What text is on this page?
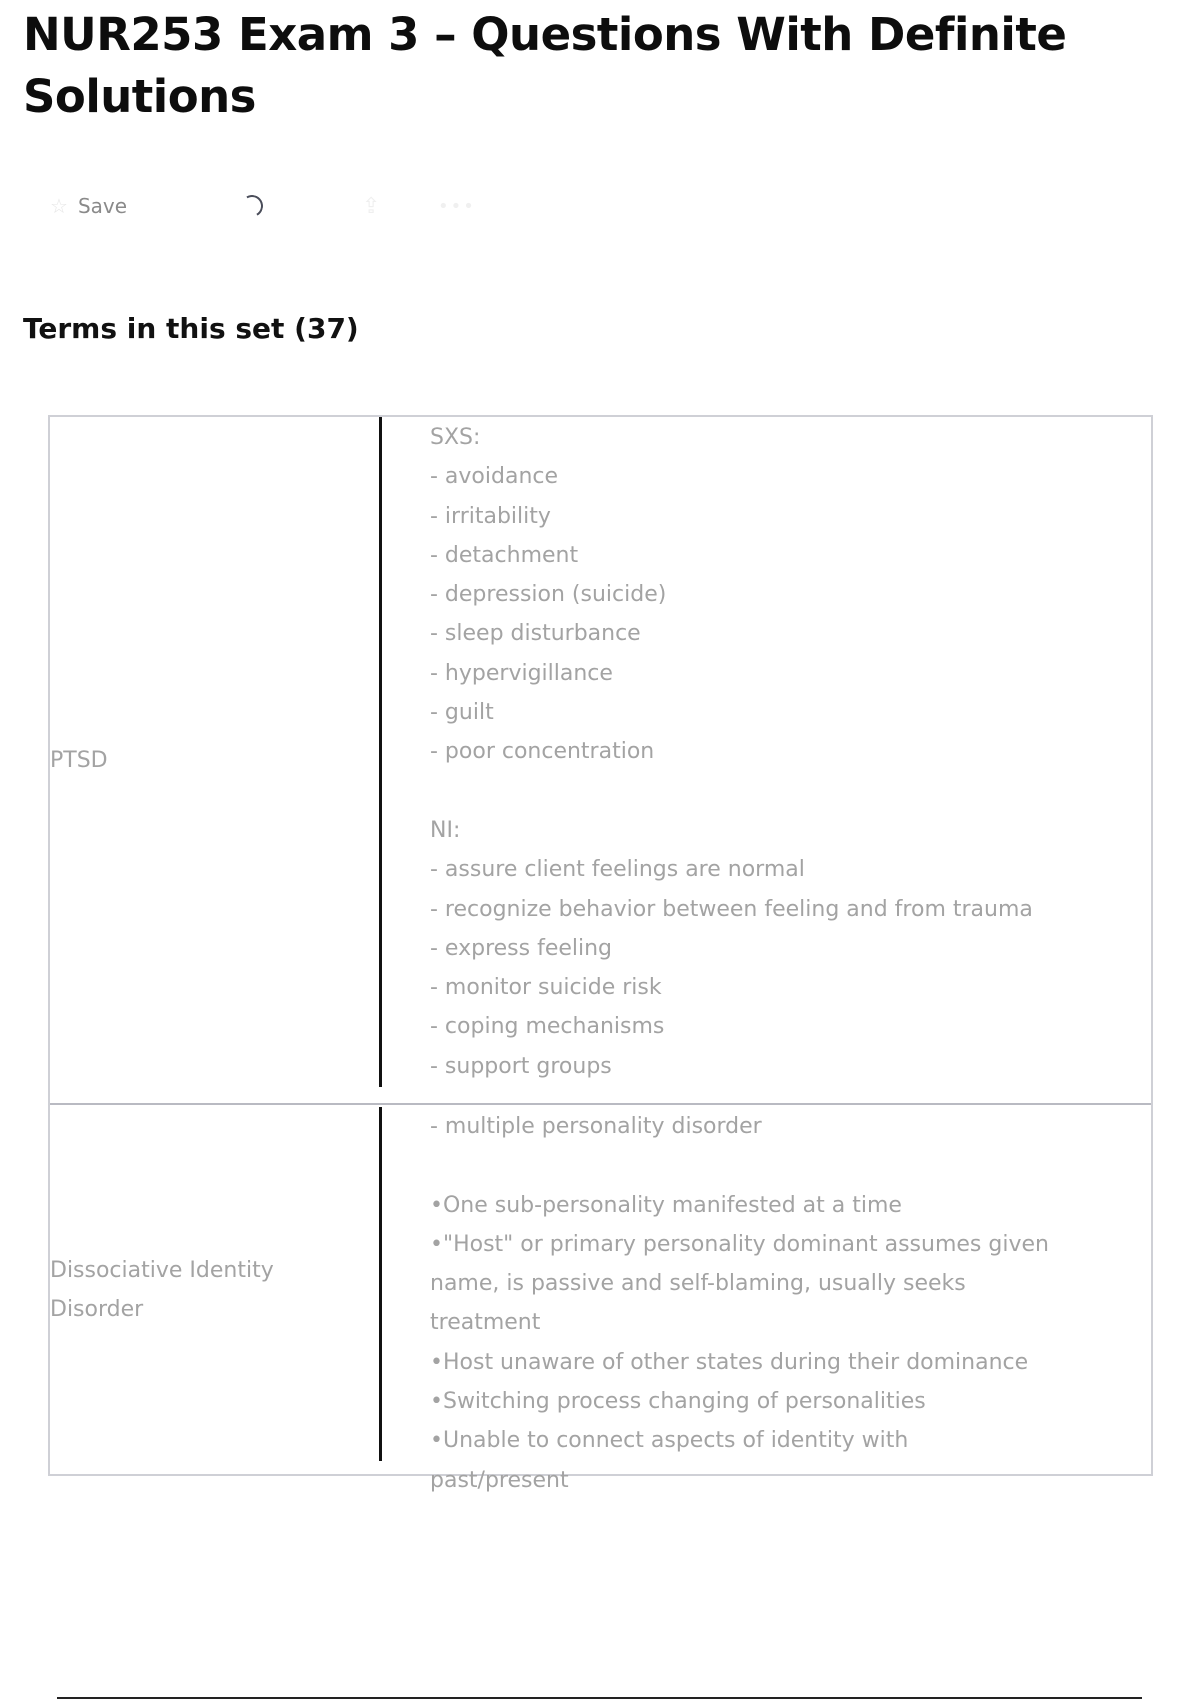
NUR253 Exam 3 – Questions With Definite Solutions
☆ Save	⇪	•••
Terms in this set (37)
PTSD
SXS:
- avoidance
- irritability
- detachment
- depression (suicide)
- sleep disturbance
- hypervigillance
- guilt
- poor concentration

NI:
- assure client feelings are normal
- recognize behavior between feeling and from trauma
- express feeling
- monitor suicide risk
- coping mechanisms
- support groups
Dissociative Identity Disorder
- multiple personality disorder

•One sub-personality manifested at a time
•"Host" or primary personality dominant assumes given name, is passive and self-blaming, usually seeks treatment
•Host unaware of other states during their dominance
•Switching process changing of personalities
•Unable to connect aspects of identity with past/present
